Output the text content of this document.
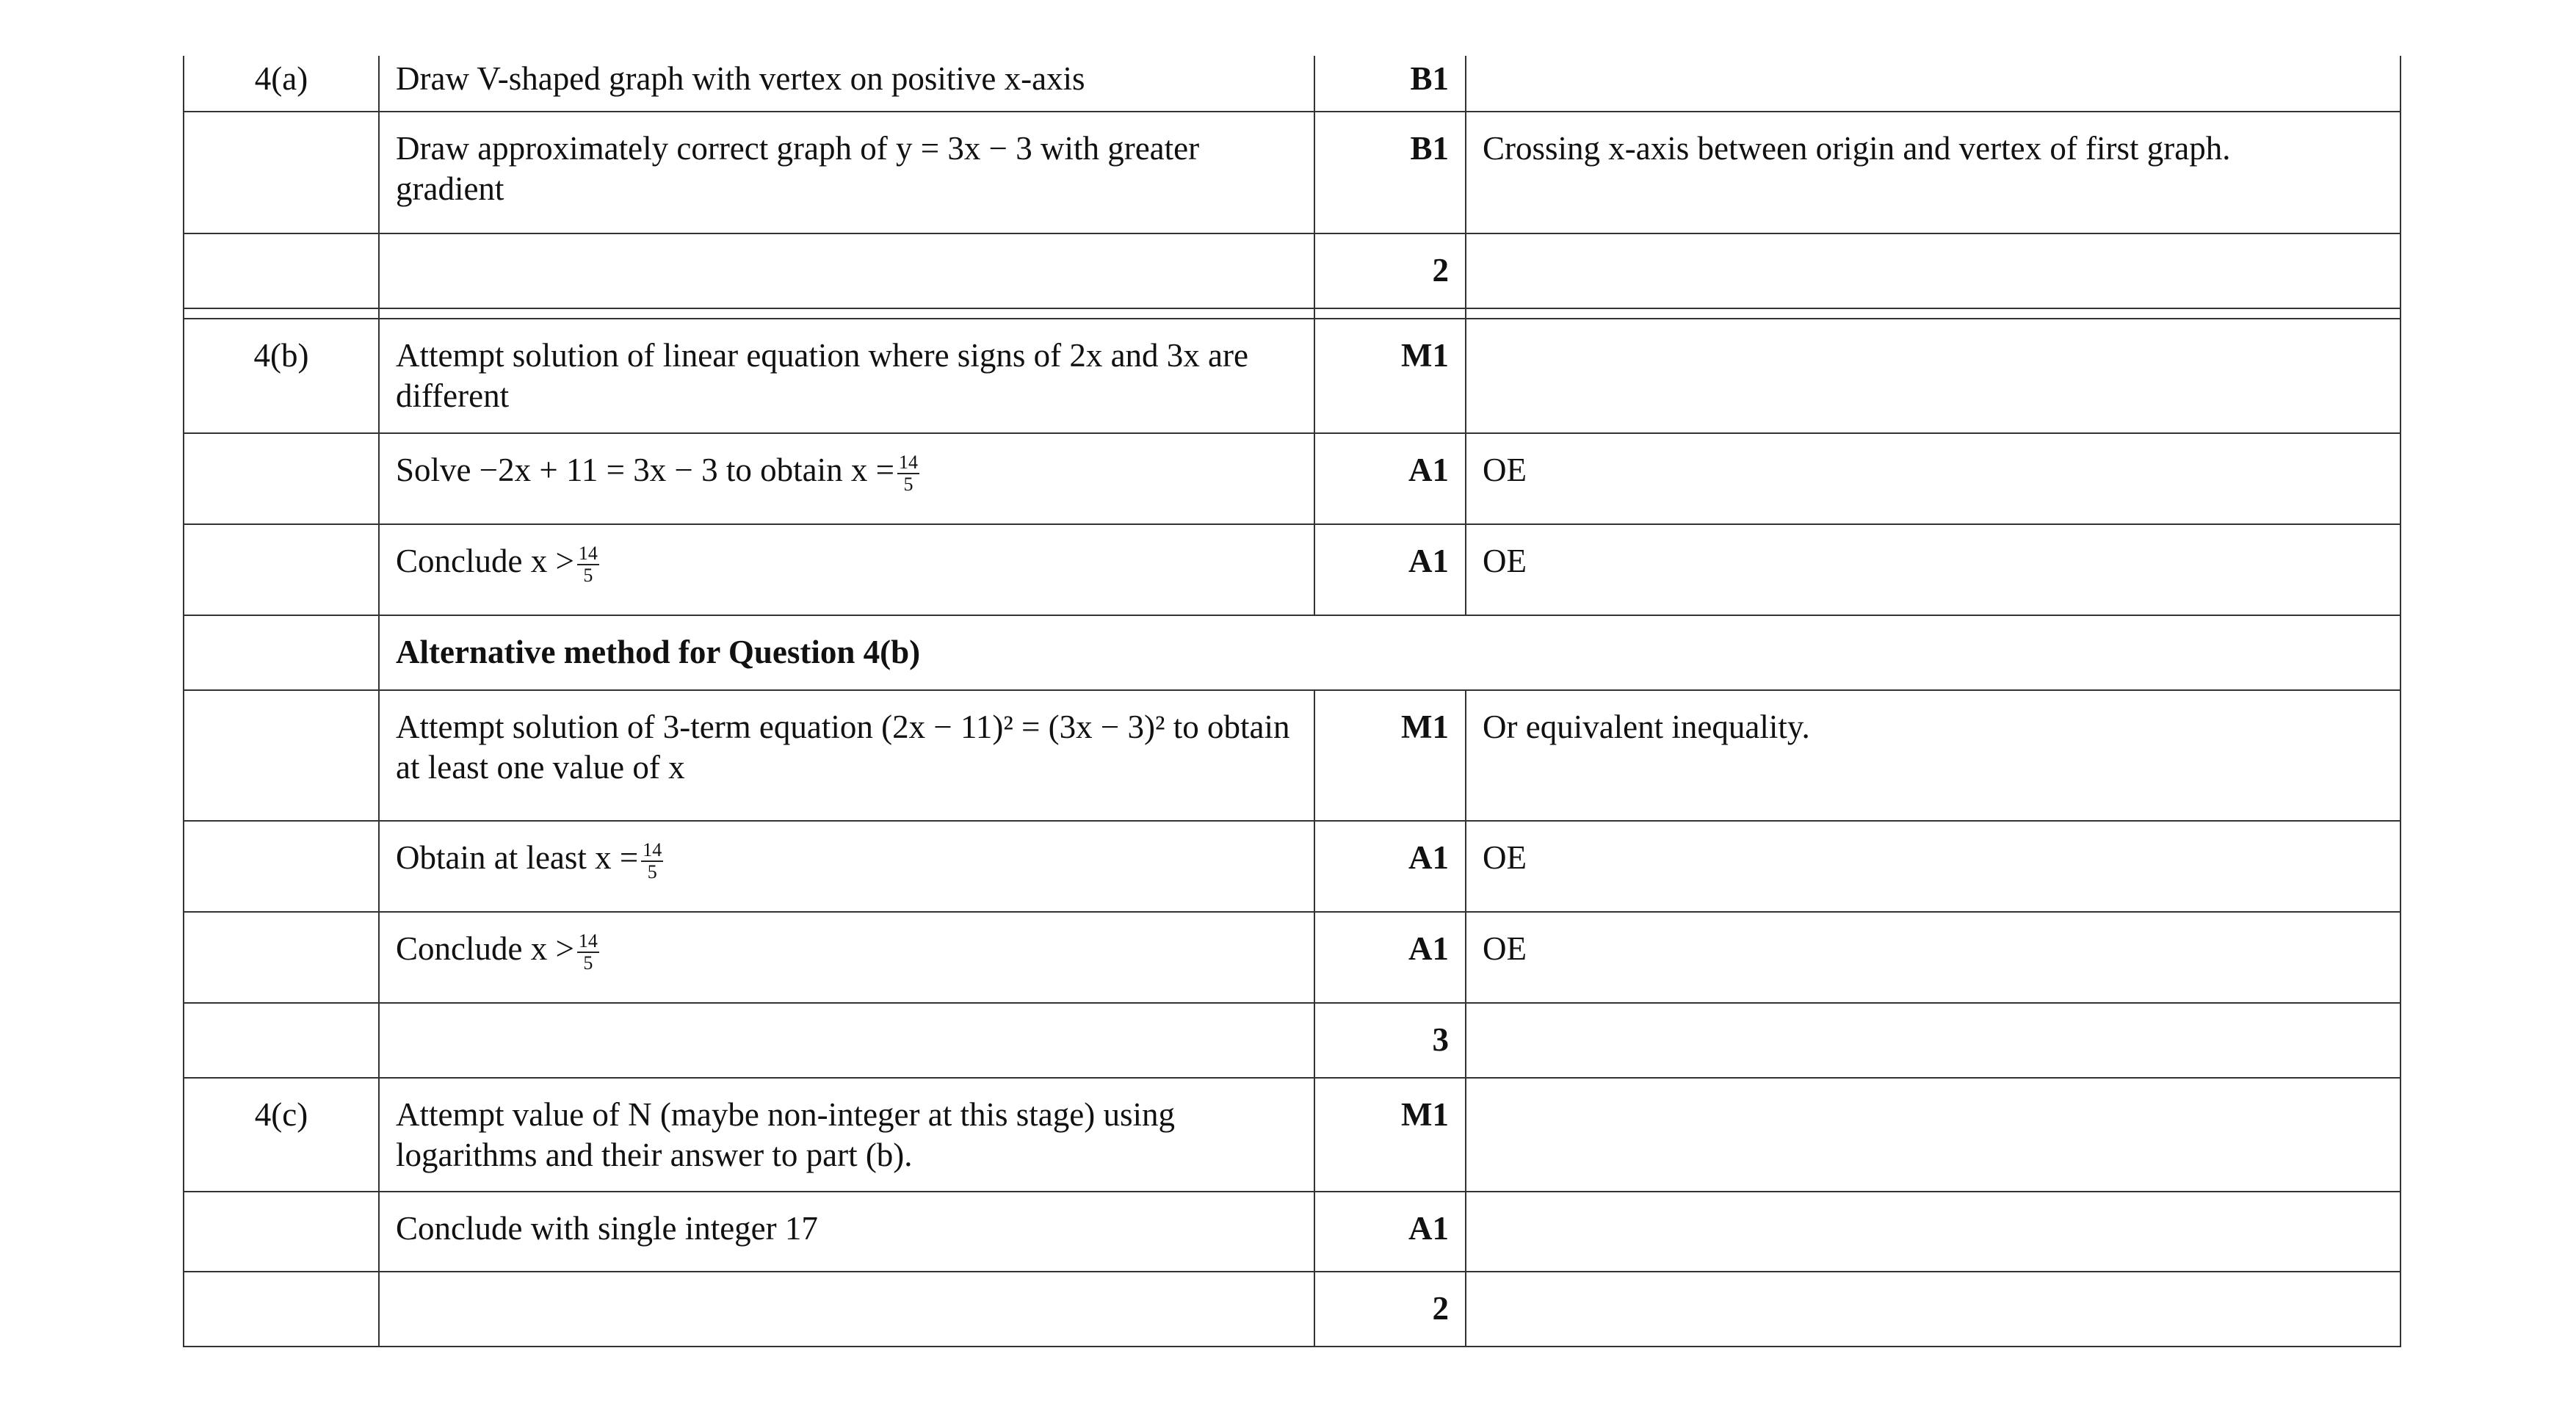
4(a)	Draw V-shaped graph with vertex on positive x-axis	B1	
	Draw approximately correct graph of y = 3x − 3 with greater gradient	B1	Crossing x-axis between origin and vertex of first graph.
		2	

4(b)	Attempt solution of linear equation where signs of 2x and 3x are different	M1	
	Solve −2x + 11 = 3x − 3 to obtain $x = \frac{14}{5}$	A1	OE
	Conclude $x > \frac{14}{5}$	A1	OE
	Alternative method for Question 4(b)		
	Attempt solution of 3-term equation (2x − 11)² = (3x − 3)² to obtain at least one value of x	M1	Or equivalent inequality.
	Obtain at least $x = \frac{14}{5}$	A1	OE
	Conclude $x > \frac{14}{5}$	A1	OE
		3	
4(c)	Attempt value of N (maybe non-integer at this stage) using logarithms and their answer to part (b).	M1	
	Conclude with single integer 17	A1	
		2	
